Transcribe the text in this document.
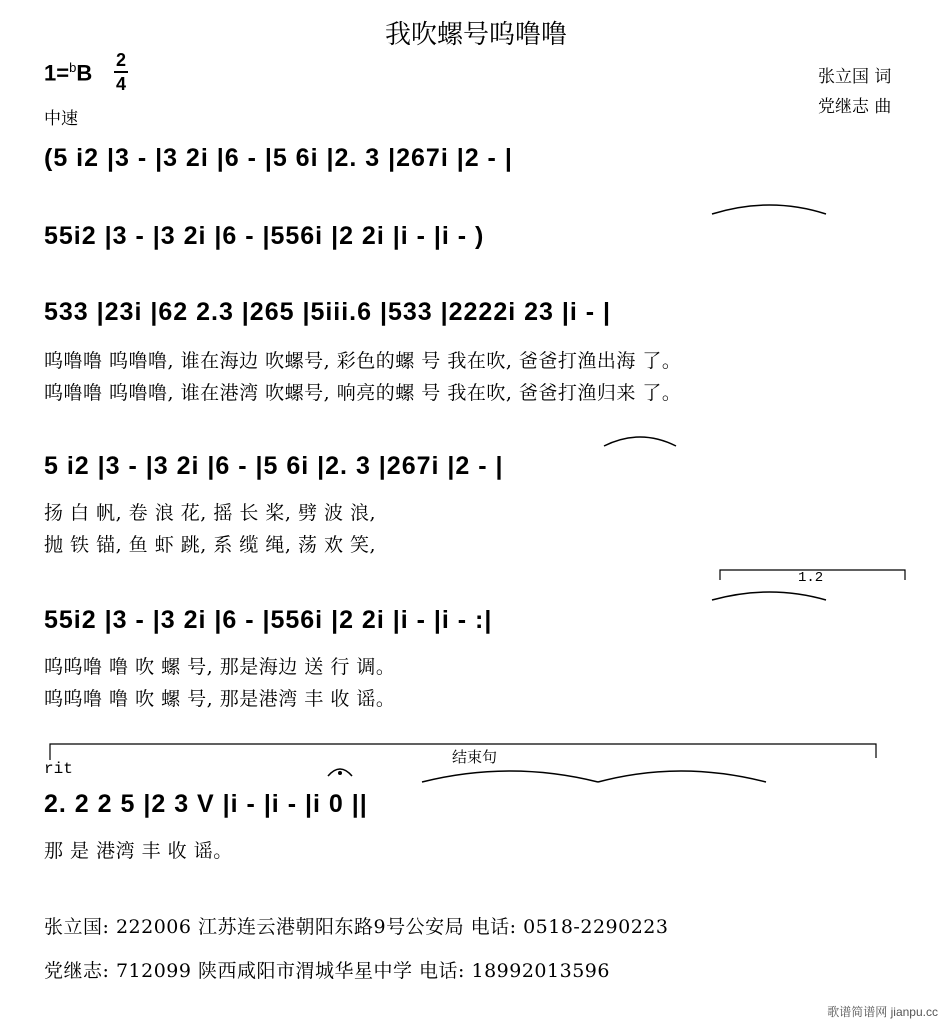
我吹螺号呜噜噜
1=$^b$B
2
4
中速
张立国 词
党继志 曲
(5 i2 |3 - |3 2i |6 - |5 6i |2. 3 |267i |2 - |
55i2 |3 - |3 2i |6 - |556i |2 2i |i - |i - )
533 |23i |62 2.3 |265 |5iii.6 |533 |2222i 23 |i - |
呜噜噜 呜噜噜, 谁在海边 吹螺号, 彩色的螺 号 我在吹, 爸爸打渔出海 了。
呜噜噜 呜噜噜, 谁在港湾 吹螺号, 响亮的螺 号 我在吹, 爸爸打渔归来 了。
5 i2 |3 - |3 2i |6 - |5 6i |2. 3 |267i |2 - |
扬 白 帆, 卷 浪 花, 摇 长 桨, 劈 波 浪,
抛 铁 锚, 鱼 虾 跳, 系 缆 绳, 荡 欢 笑,
1.2
55i2 |3 - |3 2i |6 - |556i |2 2i |i - |i - :|
呜呜噜 噜 吹 螺 号, 那是海边 送 行 调。
呜呜噜 噜 吹 螺 号, 那是港湾 丰 收 谣。
rit
结束句
2. 2 2 5 |2 3 V |i - |i - |i 0 ||
那 是 港湾 丰 收 谣。
张立国: 222006 江苏连云港朝阳东路9号公安局 电话: 0518-2290223
党继志: 712099 陕西咸阳市渭城华星中学 电话: 18992013596
歌谱简谱网 jianpu.cc
